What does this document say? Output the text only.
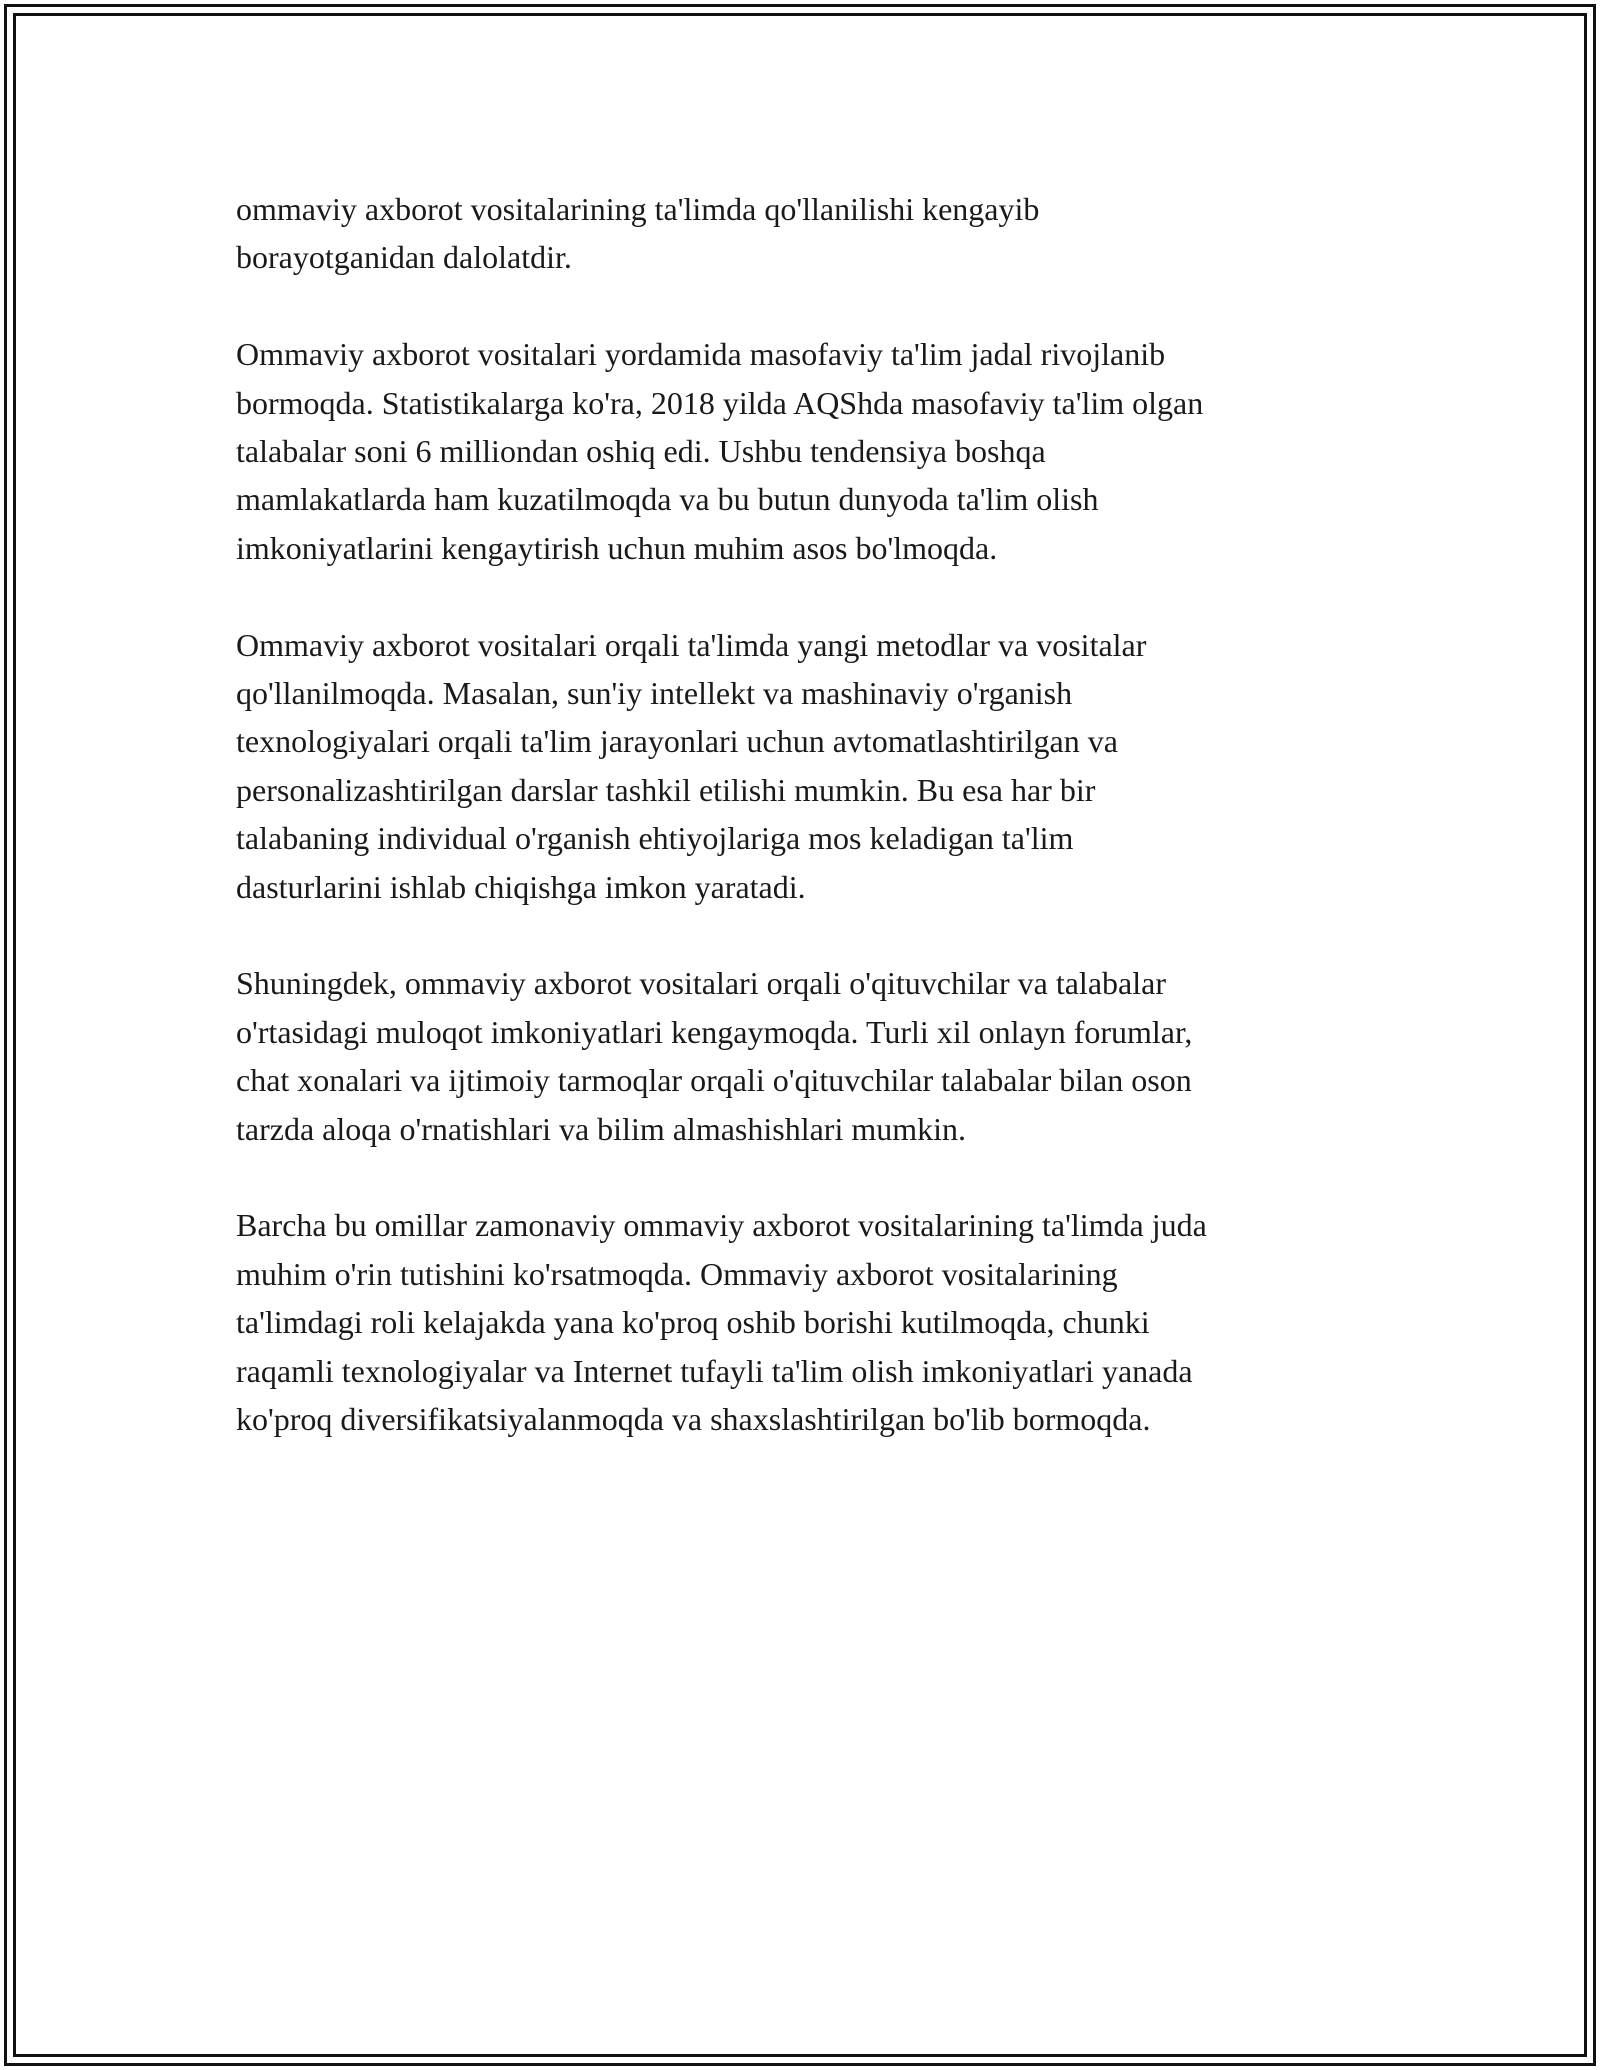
ommaviy axborot vositalarining ta'limda qo'llanilishi kengayib
borayotganidan dalolatdir.

Ommaviy axborot vositalari yordamida masofaviy ta'lim jadal rivojlanib
bormoqda. Statistikalarga ko'ra, 2018 yilda AQShda masofaviy ta'lim olgan
talabalar soni 6 milliondan oshiq edi. Ushbu tendensiya boshqa
mamlakatlarda ham kuzatilmoqda va bu butun dunyoda ta'lim olish
imkoniyatlarini kengaytirish uchun muhim asos bo'lmoqda.

Ommaviy axborot vositalari orqali ta'limda yangi metodlar va vositalar
qo'llanilmoqda. Masalan, sun'iy intellekt va mashinaviy o'rganish
texnologiyalari orqali ta'lim jarayonlari uchun avtomatlashtirilgan va
personalizashtirilgan darslar tashkil etilishi mumkin. Bu esa har bir
talabaning individual o'rganish ehtiyojlariga mos keladigan ta'lim
dasturlarini ishlab chiqishga imkon yaratadi.

Shuningdek, ommaviy axborot vositalari orqali o'qituvchilar va talabalar
o'rtasidagi muloqot imkoniyatlari kengaymoqda. Turli xil onlayn forumlar,
chat xonalari va ijtimoiy tarmoqlar orqali o'qituvchilar talabalar bilan oson
tarzda aloqa o'rnatishlari va bilim almashishlari mumkin.

Barcha bu omillar zamonaviy ommaviy axborot vositalarining ta'limda juda
muhim o'rin tutishini ko'rsatmoqda. Ommaviy axborot vositalarining
ta'limdagi roli kelajakda yana ko'proq oshib borishi kutilmoqda, chunki
raqamli texnologiyalar va Internet tufayli ta'lim olish imkoniyatlari yanada
ko'proq diversifikatsiyalanmoqda va shaxslashtirilgan bo'lib bormoqda.
